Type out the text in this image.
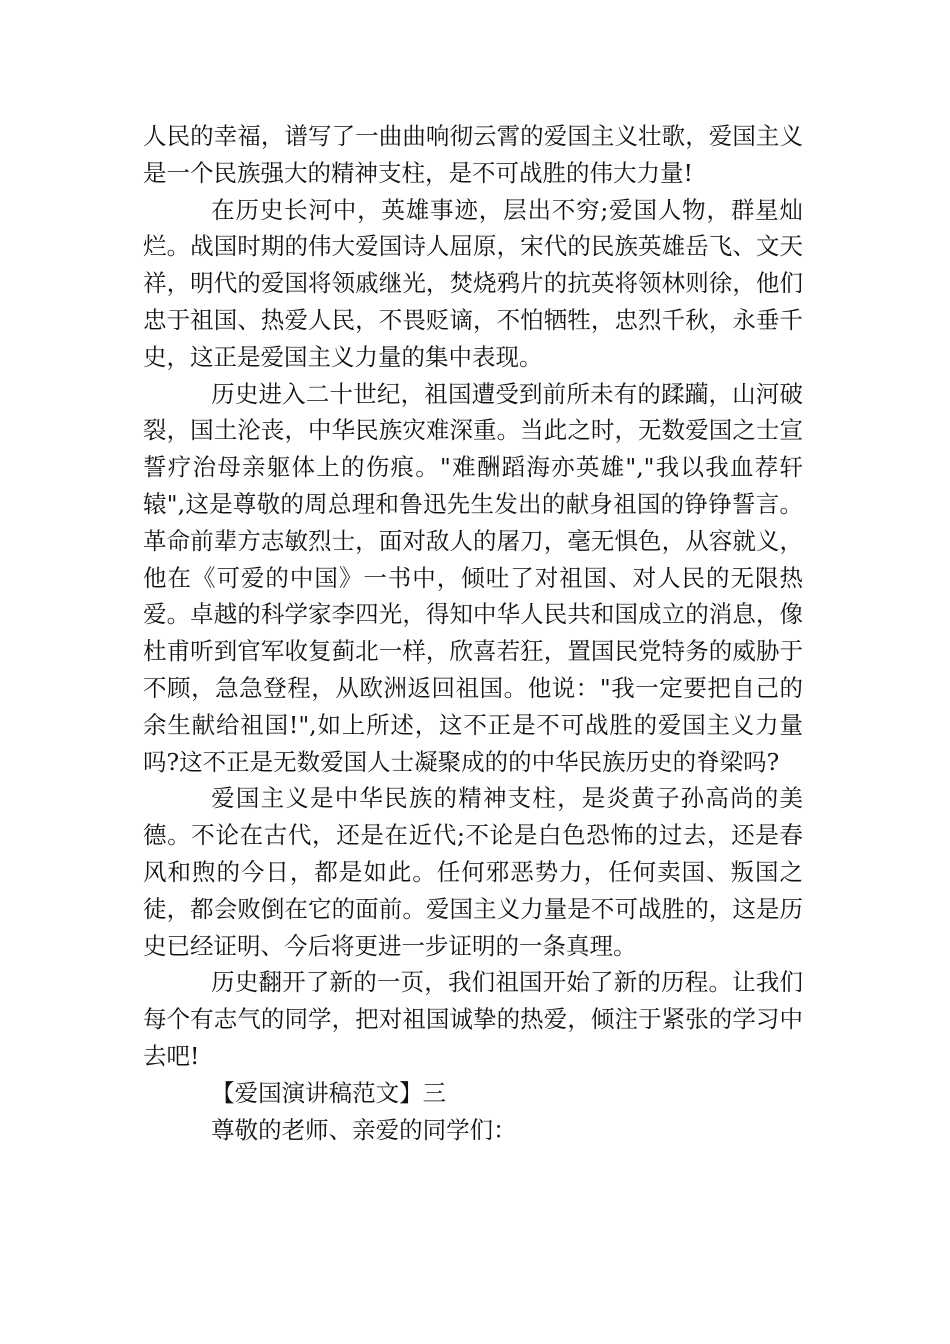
人民的幸福，谱写了一曲曲响彻云霄的爱国主义壮歌，爱国主义是一个民族强大的精神支柱，是不可战胜的伟大力量!

在历史长河中，英雄事迹，层出不穷;爱国人物，群星灿烂。战国时期的伟大爱国诗人屈原，宋代的民族英雄岳飞、文天祥，明代的爱国将领戚继光，焚烧鸦片的抗英将领林则徐，他们忠于祖国、热爱人民，不畏贬谪，不怕牺牲，忠烈千秋，永垂千史，这正是爱国主义力量的集中表现。

历史进入二十世纪，祖国遭受到前所未有的蹂躏，山河破裂，国土沦丧，中华民族灾难深重。当此之时，无数爱国之士宣誓疗治母亲躯体上的伤痕。"难酬蹈海亦英雄","我以我血荐轩辕",这是尊敬的周总理和鲁迅先生发出的献身祖国的铮铮誓言。革命前辈方志敏烈士，面对敌人的屠刀，毫无惧色，从容就义，他在《可爱的中国》一书中，倾吐了对祖国、对人民的无限热爱。卓越的科学家李四光，得知中华人民共和国成立的消息，像杜甫听到官军收复蓟北一样，欣喜若狂，置国民党特务的威胁于不顾，急急登程，从欧洲返回祖国。他说："我一定要把自己的余生献给祖国!",如上所述，这不正是不可战胜的爱国主义力量吗?这不正是无数爱国人士凝聚成的的中华民族历史的脊梁吗?

爱国主义是中华民族的精神支柱，是炎黄子孙高尚的美德。不论在古代，还是在近代;不论是白色恐怖的过去，还是春风和煦的今日，都是如此。任何邪恶势力，任何卖国、叛国之徒，都会败倒在它的面前。爱国主义力量是不可战胜的，这是历史已经证明、今后将更进一步证明的一条真理。

历史翻开了新的一页，我们祖国开始了新的历程。让我们每个有志气的同学，把对祖国诚挚的热爱，倾注于紧张的学习中去吧!

【爱国演讲稿范文】三

尊敬的老师、亲爱的同学们：
